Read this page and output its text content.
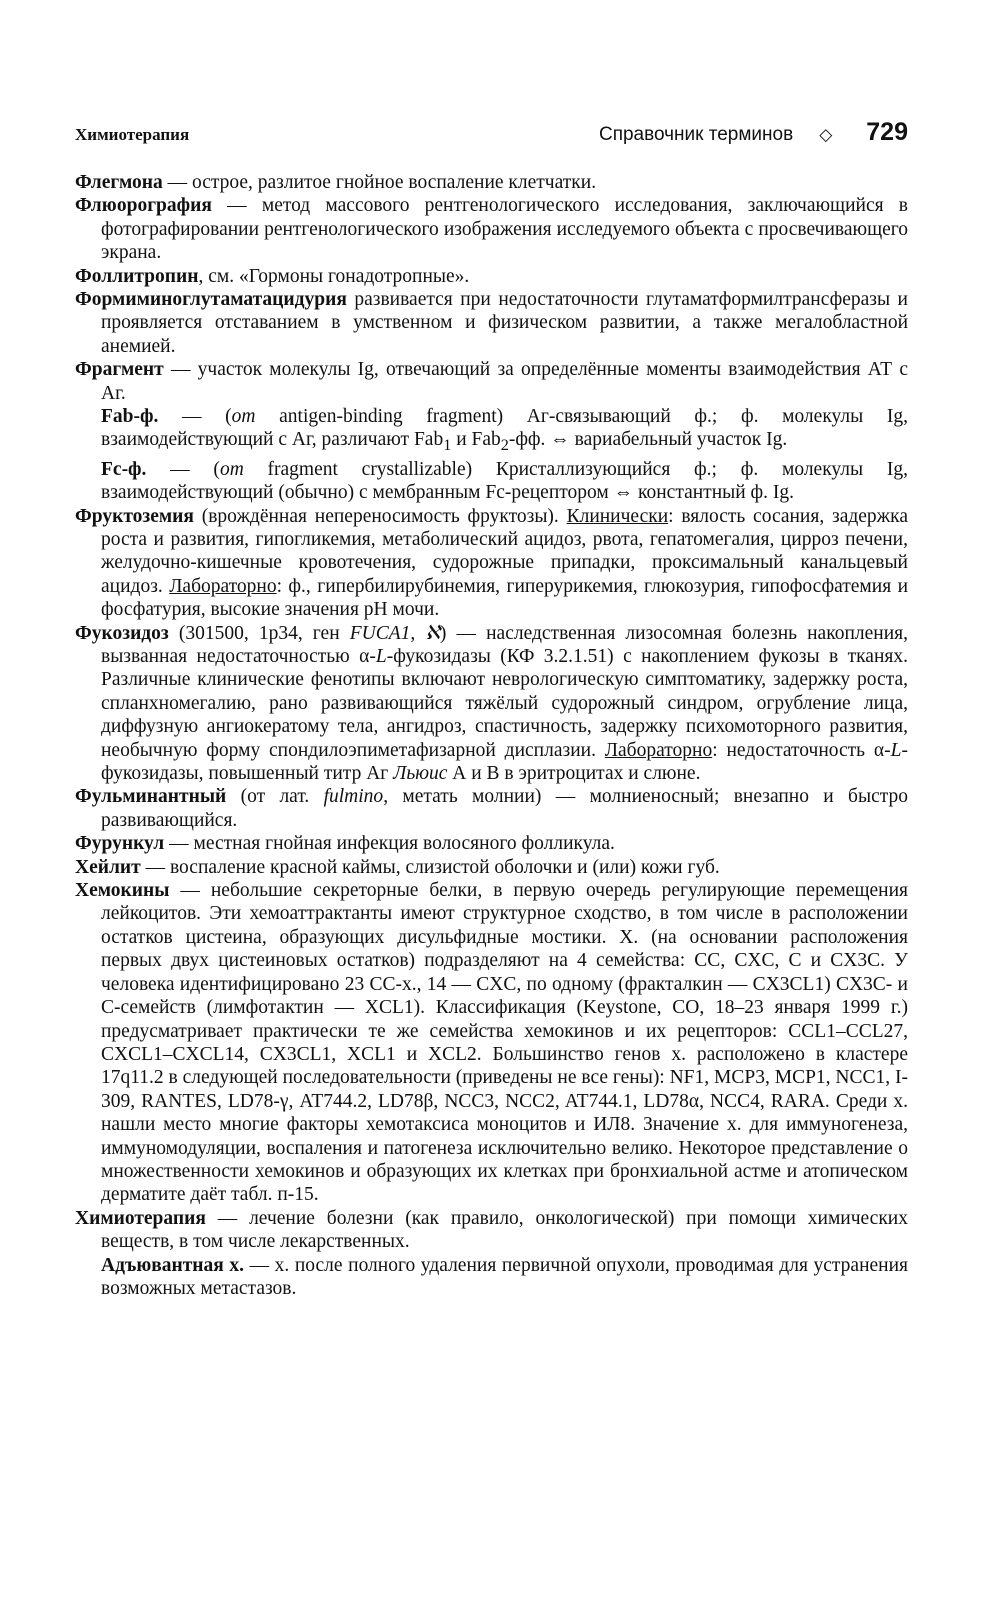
Химиотерапия	Справочник терминов ◇ 729

Флегмона — острое, разлитое гнойное воспаление клетчатки.

Флюорография — метод массового рентгенологического исследования, заключающийся в фотографировании рентгенологического изображения исследуемого объекта с просвечивающего экрана.

Фоллитропин, см. «Гормоны гонадотропные».

Формиминоглутаматацидурия развивается при недостаточности глутаматформилтрансферазы и проявляется отставанием в умственном и физическом развитии, а также мегалобластной анемией.

Фрагмент — участок молекулы Ig, отвечающий за определённые моменты взаимодействия АТ с Аг.

Fab-ф. — (от antigen-binding fragment) Аг-связывающий ф.; ф. молекулы Ig, взаимодействующий с Аг, различают Fab$_1$ и Fab$_2$-фф. ⇔ вариабельный участок Ig.

Fc-ф. — (от fragment crystallizable) Кристаллизующийся ф.; ф. молекулы Ig, взаимодействующий (обычно) с мембранным Fc-рецептором ⇔ константный ф. Ig.

Фруктоземия (врождённая непереносимость фруктозы). Клинически: вялость сосания, задержка роста и развития, гипогликемия, метаболический ацидоз, рвота, гепатомегалия, цирроз печени, желудочно-кишечные кровотечения, судорожные припадки, проксимальный канальцевый ацидоз. Лабораторно: ф., гипербилирубинемия, гиперурикемия, глюкозурия, гипофосфатемия и фосфатурия, высокие значения pH мочи.

Фукозидоз (301500, 1р34, ген FUCA1, ℵ) — наследственная лизосомная болезнь накопления, вызванная недостаточностью α-L-фукозидазы (КФ 3.2.1.51) с накоплением фукозы в тканях. Различные клинические фенотипы включают неврологическую симптоматику, задержку роста, спланхномегалию, рано развивающийся тяжёлый судорожный синдром, огрубление лица, диффузную ангиокератому тела, ангидроз, спастичность, задержку психомоторного развития, необычную форму спондилоэпиметафизарной дисплазии. Лабораторно: недостаточность α-L-фукозидазы, повышенный титр Аг Льюис А и В в эритроцитах и слюне.

Фульминантный (от лат. fulmino, метать молнии) — молниеносный; внезапно и быстро развивающийся.

Фурункул — местная гнойная инфекция волосяного фолликула.

Хейлит — воспаление красной каймы, слизистой оболочки и (или) кожи губ.

Хемокины — небольшие секреторные белки, в первую очередь регулирующие перемещения лейкоцитов. Эти хемоаттрактанты имеют структурное сходство, в том числе в расположении остатков цистеина, образующих дисульфидные мостики. Х. (на основании расположения первых двух цистеиновых остатков) подразделяют на 4 семейства: CC, CXC, C и CX3C. У человека идентифицировано 23 CC-х., 14 — CXC, по одному (фракталкин — CX3CL1) CX3C- и C-семейств (лимфотактин — XCL1). Классификация (Keystone, CO, 18–23 января 1999 г.) предусматривает практически те же семейства хемокинов и их рецепторов: CCL1–CCL27, CXCL1–CXCL14, CX3CL1, XCL1 и XCL2. Большинство генов х. расположено в кластере 17q11.2 в следующей последовательности (приведены не все гены): NF1, MCP3, MCP1, NCC1, I-309, RANTES, LD78-γ, AT744.2, LD78β, NCC3, NCC2, AT744.1, LD78α, NCC4, RARA. Среди х. нашли место многие факторы хемотаксиса моноцитов и ИЛ8. Значение х. для иммуногенеза, иммуномодуляции, воспаления и патогенеза исключительно велико. Некоторое представление о множественности хемокинов и образующих их клетках при бронхиальной астме и атопическом дерматите даёт табл. п-15.

Химиотерапия — лечение болезни (как правило, онкологической) при помощи химических веществ, в том числе лекарственных.

Адъювантная х. — х. после полного удаления первичной опухоли, проводимая для устранения возможных метастазов.
